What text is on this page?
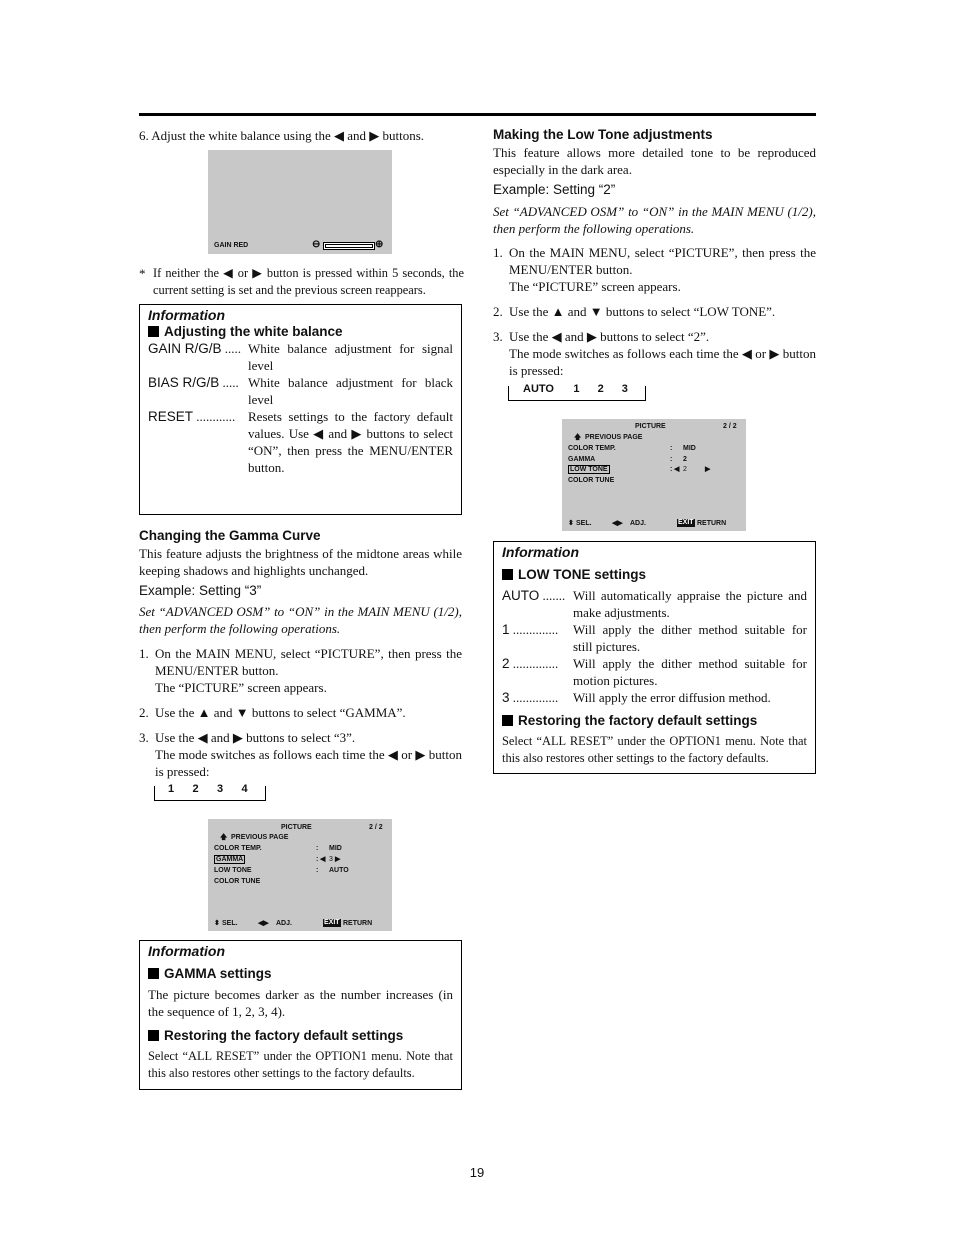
6. Adjust the white balance using the ◀ and ▶ buttons.
GAIN RED	⊖	⊕
* If neither the ◀ or ▶ button is pressed within 5 seconds, the current setting is set and the previous screen reappears.
Information
Adjusting the white balance
GAIN R/G/B ..... White balance adjustment for signal level
BIAS R/G/B ..... White balance adjustment for black level
RESET ............ Resets settings to the factory default values. Use ◀ and ▶ buttons to select “ON”, then press the MENU/ENTER button.
Changing the Gamma Curve
This feature adjusts the brightness of the midtone areas while keeping shadows and highlights unchanged.
Example: Setting “3”
Set “ADVANCED OSM” to “ON” in the MAIN MENU (1/2), then perform the following operations.
1. On the MAIN MENU, select “PICTURE”, then press the MENU/ENTER button.
The “PICTURE” screen appears.
2. Use the ▲ and ▼ buttons to select “GAMMA”.
3. Use the ◀ and ▶ buttons to select “3”.
The mode switches as follows each time the ◀ or ▶ button is pressed:
1	2	3	4
PICTURE	2 / 2
🡅 PREVIOUS PAGE
COLOR TEMP.	: MID
GAMMA	: ◀ 3 ▶
LOW TONE	: AUTO
COLOR TUNE
⬍ SEL.	◀▶ ADJ.	EXIT RETURN
Information
GAMMA settings
The picture becomes darker as the number increases (in the sequence of 1, 2, 3, 4).
Restoring the factory default settings
Select “ALL RESET” under the OPTION1 menu. Note that this also restores other settings to the factory defaults.
Making the Low Tone adjustments
This feature allows more detailed tone to be reproduced especially in the dark area.
Example: Setting “2”
Set “ADVANCED OSM” to “ON” in the MAIN MENU (1/2), then perform the following operations.
1. On the MAIN MENU, select “PICTURE”, then press the MENU/ENTER button.
The “PICTURE” screen appears.
2. Use the ▲ and ▼ buttons to select “LOW TONE”.
3. Use the ◀ and ▶ buttons to select “2”.
The mode switches as follows each time the ◀ or ▶ button is pressed:
AUTO	1	2	3
PICTURE	2 / 2
🡅 PREVIOUS PAGE
COLOR TEMP.	: MID
GAMMA	: 2
LOW TONE	: ◀ 2	▶
COLOR TUNE
⬍ SEL.	◀▶ ADJ.	EXIT RETURN
Information
LOW TONE settings
AUTO ....... Will automatically appraise the picture and make adjustments.
1 ..............	Will apply the dither method suitable for still pictures.
2 ..............	Will apply the dither method suitable for motion pictures.
3 ..............	Will apply the error diffusion method.
Restoring the factory default settings
Select “ALL RESET” under the OPTION1 menu. Note that this also restores other settings to the factory defaults.
19
